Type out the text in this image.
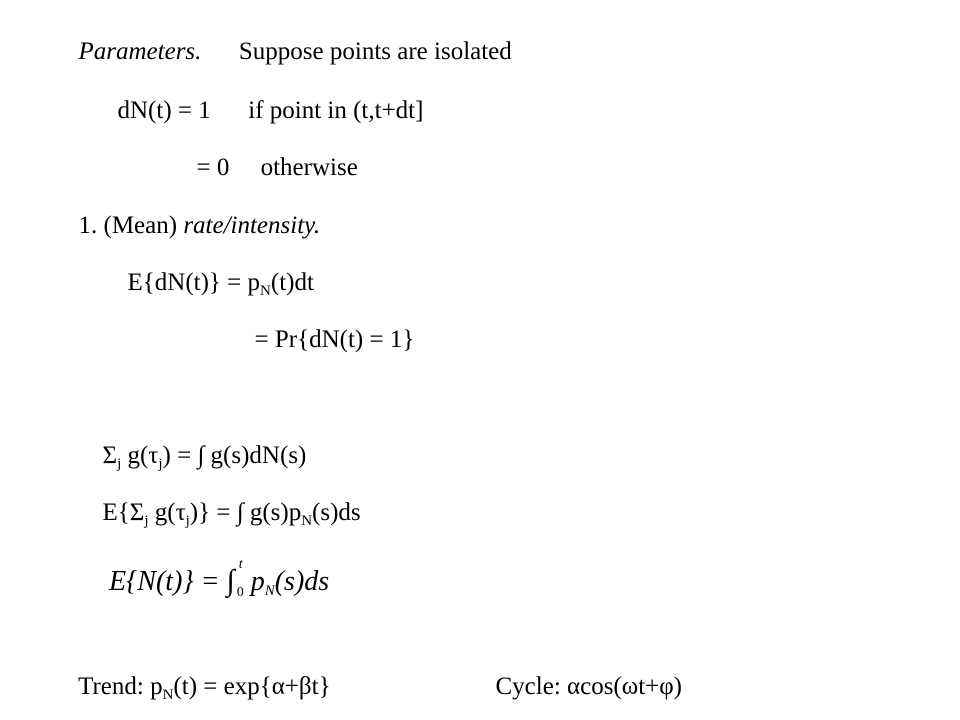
Parameters. Suppose points are isolated

dN(t) = 1 if point in (t,t+dt]

= 0 otherwise

1. (Mean) rate/intensity.

$E\{dN(t)\} = p_N(t)dt$

= Pr{dN(t) = 1}

$\Sigma_j$ $g(\tau_j)$ = ∫ g(s)dN(s)

$E\{\Sigma_j$ $g(\tau_j)$} = ∫ $g(s)p_N(s)ds$

E{N(t)} = ∫ t
0 $p_N(s)ds$

Trend: $p_N(t) = \exp\{\alpha+\beta t\}$	Cycle: αcos(ωt+φ)
